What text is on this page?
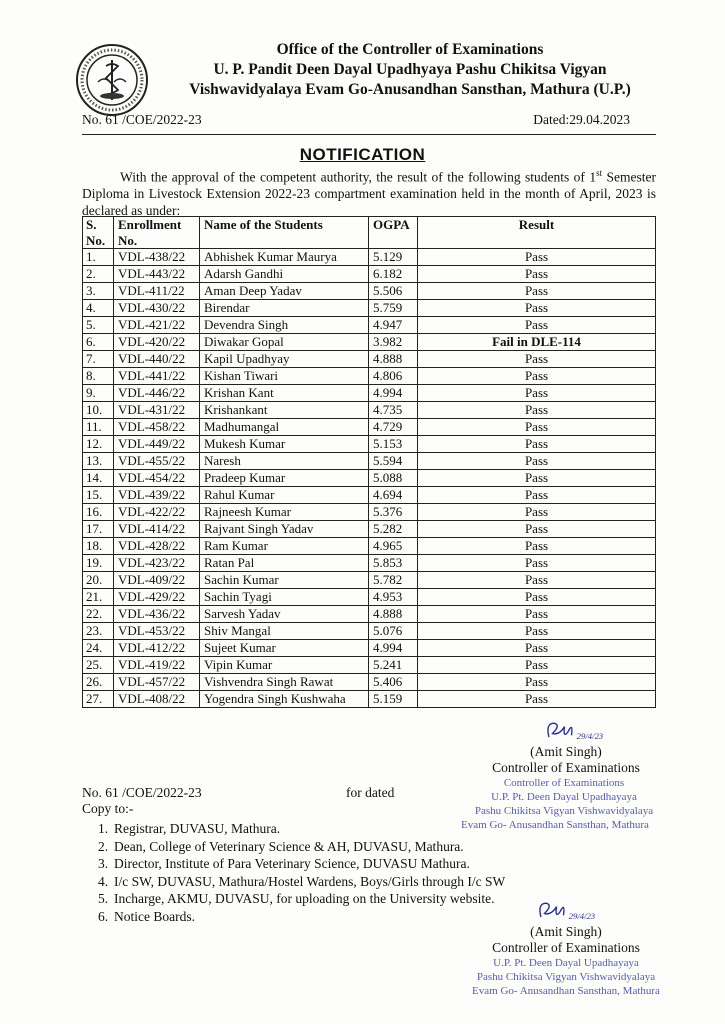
Office of the Controller of Examinations
U. P. Pandit Deen Dayal Upadhyaya Pashu Chikitsa Vigyan
Vishwavidyalaya Evam Go-Anusandhan Sansthan, Mathura (U.P.)
No. 61 /COE/2022-23	Dated:29.04.2023
NOTIFICATION

With the approval of the competent authority, the result of the following students of 1st Semester Diploma in Livestock Extension 2022-23 compartment examination held in the month of April, 2023 is declared as under:

S. No.	Enrollment No.	Name of the Students	OGPA	Result
1.	VDL-438/22	Abhishek Kumar Maurya	5.129	Pass
2.	VDL-443/22	Adarsh Gandhi	6.182	Pass
3.	VDL-411/22	Aman Deep Yadav	5.506	Pass
4.	VDL-430/22	Birendar	5.759	Pass
5.	VDL-421/22	Devendra Singh	4.947	Pass
6.	VDL-420/22	Diwakar Gopal	3.982	Fail in DLE-114
7.	VDL-440/22	Kapil Upadhyay	4.888	Pass
8.	VDL-441/22	Kishan Tiwari	4.806	Pass
9.	VDL-446/22	Krishan Kant	4.994	Pass
10.	VDL-431/22	Krishankant	4.735	Pass
11.	VDL-458/22	Madhumangal	4.729	Pass
12.	VDL-449/22	Mukesh Kumar	5.153	Pass
13.	VDL-455/22	Naresh	5.594	Pass
14.	VDL-454/22	Pradeep Kumar	5.088	Pass
15.	VDL-439/22	Rahul Kumar	4.694	Pass
16.	VDL-422/22	Rajneesh Kumar	5.376	Pass
17.	VDL-414/22	Rajvant Singh Yadav	5.282	Pass
18.	VDL-428/22	Ram Kumar	4.965	Pass
19.	VDL-423/22	Ratan Pal	5.853	Pass
20.	VDL-409/22	Sachin Kumar	5.782	Pass
21.	VDL-429/22	Sachin Tyagi	4.953	Pass
22.	VDL-436/22	Sarvesh Yadav	4.888	Pass
23.	VDL-453/22	Shiv Mangal	5.076	Pass
24.	VDL-412/22	Sujeet Kumar	4.994	Pass
25.	VDL-419/22	Vipin Kumar	5.241	Pass
26.	VDL-457/22	Vishvendra Singh Rawat	5.406	Pass
27.	VDL-408/22	Yogendra Singh Kushwaha	5.159	Pass
29/4/23
(Amit Singh)
Controller of Examinations
Controller of Examinations
U.P. Pt. Deen Dayal Upadhayaya
Pashu Chikitsa Vigyan Vishwavidyalaya
Evam Go- Anusandhan Sansthan, Mathura
No. 61 /COE/2022-23	for dated
Copy to:-
1. Registrar, DUVASU, Mathura.
2. Dean, College of Veterinary Science & AH, DUVASU, Mathura.
3. Director, Institute of Para Veterinary Science, DUVASU Mathura.
4. I/c SW, DUVASU, Mathura/Hostel Wardens, Boys/Girls through I/c SW
5. Incharge, AKMU, DUVASU, for uploading on the University website.
6. Notice Boards.	29/4/23
(Amit Singh)
Controller of Examinations
U.P. Pt. Deen Dayal Upadhayaya
Pashu Chikitsa Vigyan Vishwavidyalaya
Evam Go- Anusandhan Sansthan, Mathura
